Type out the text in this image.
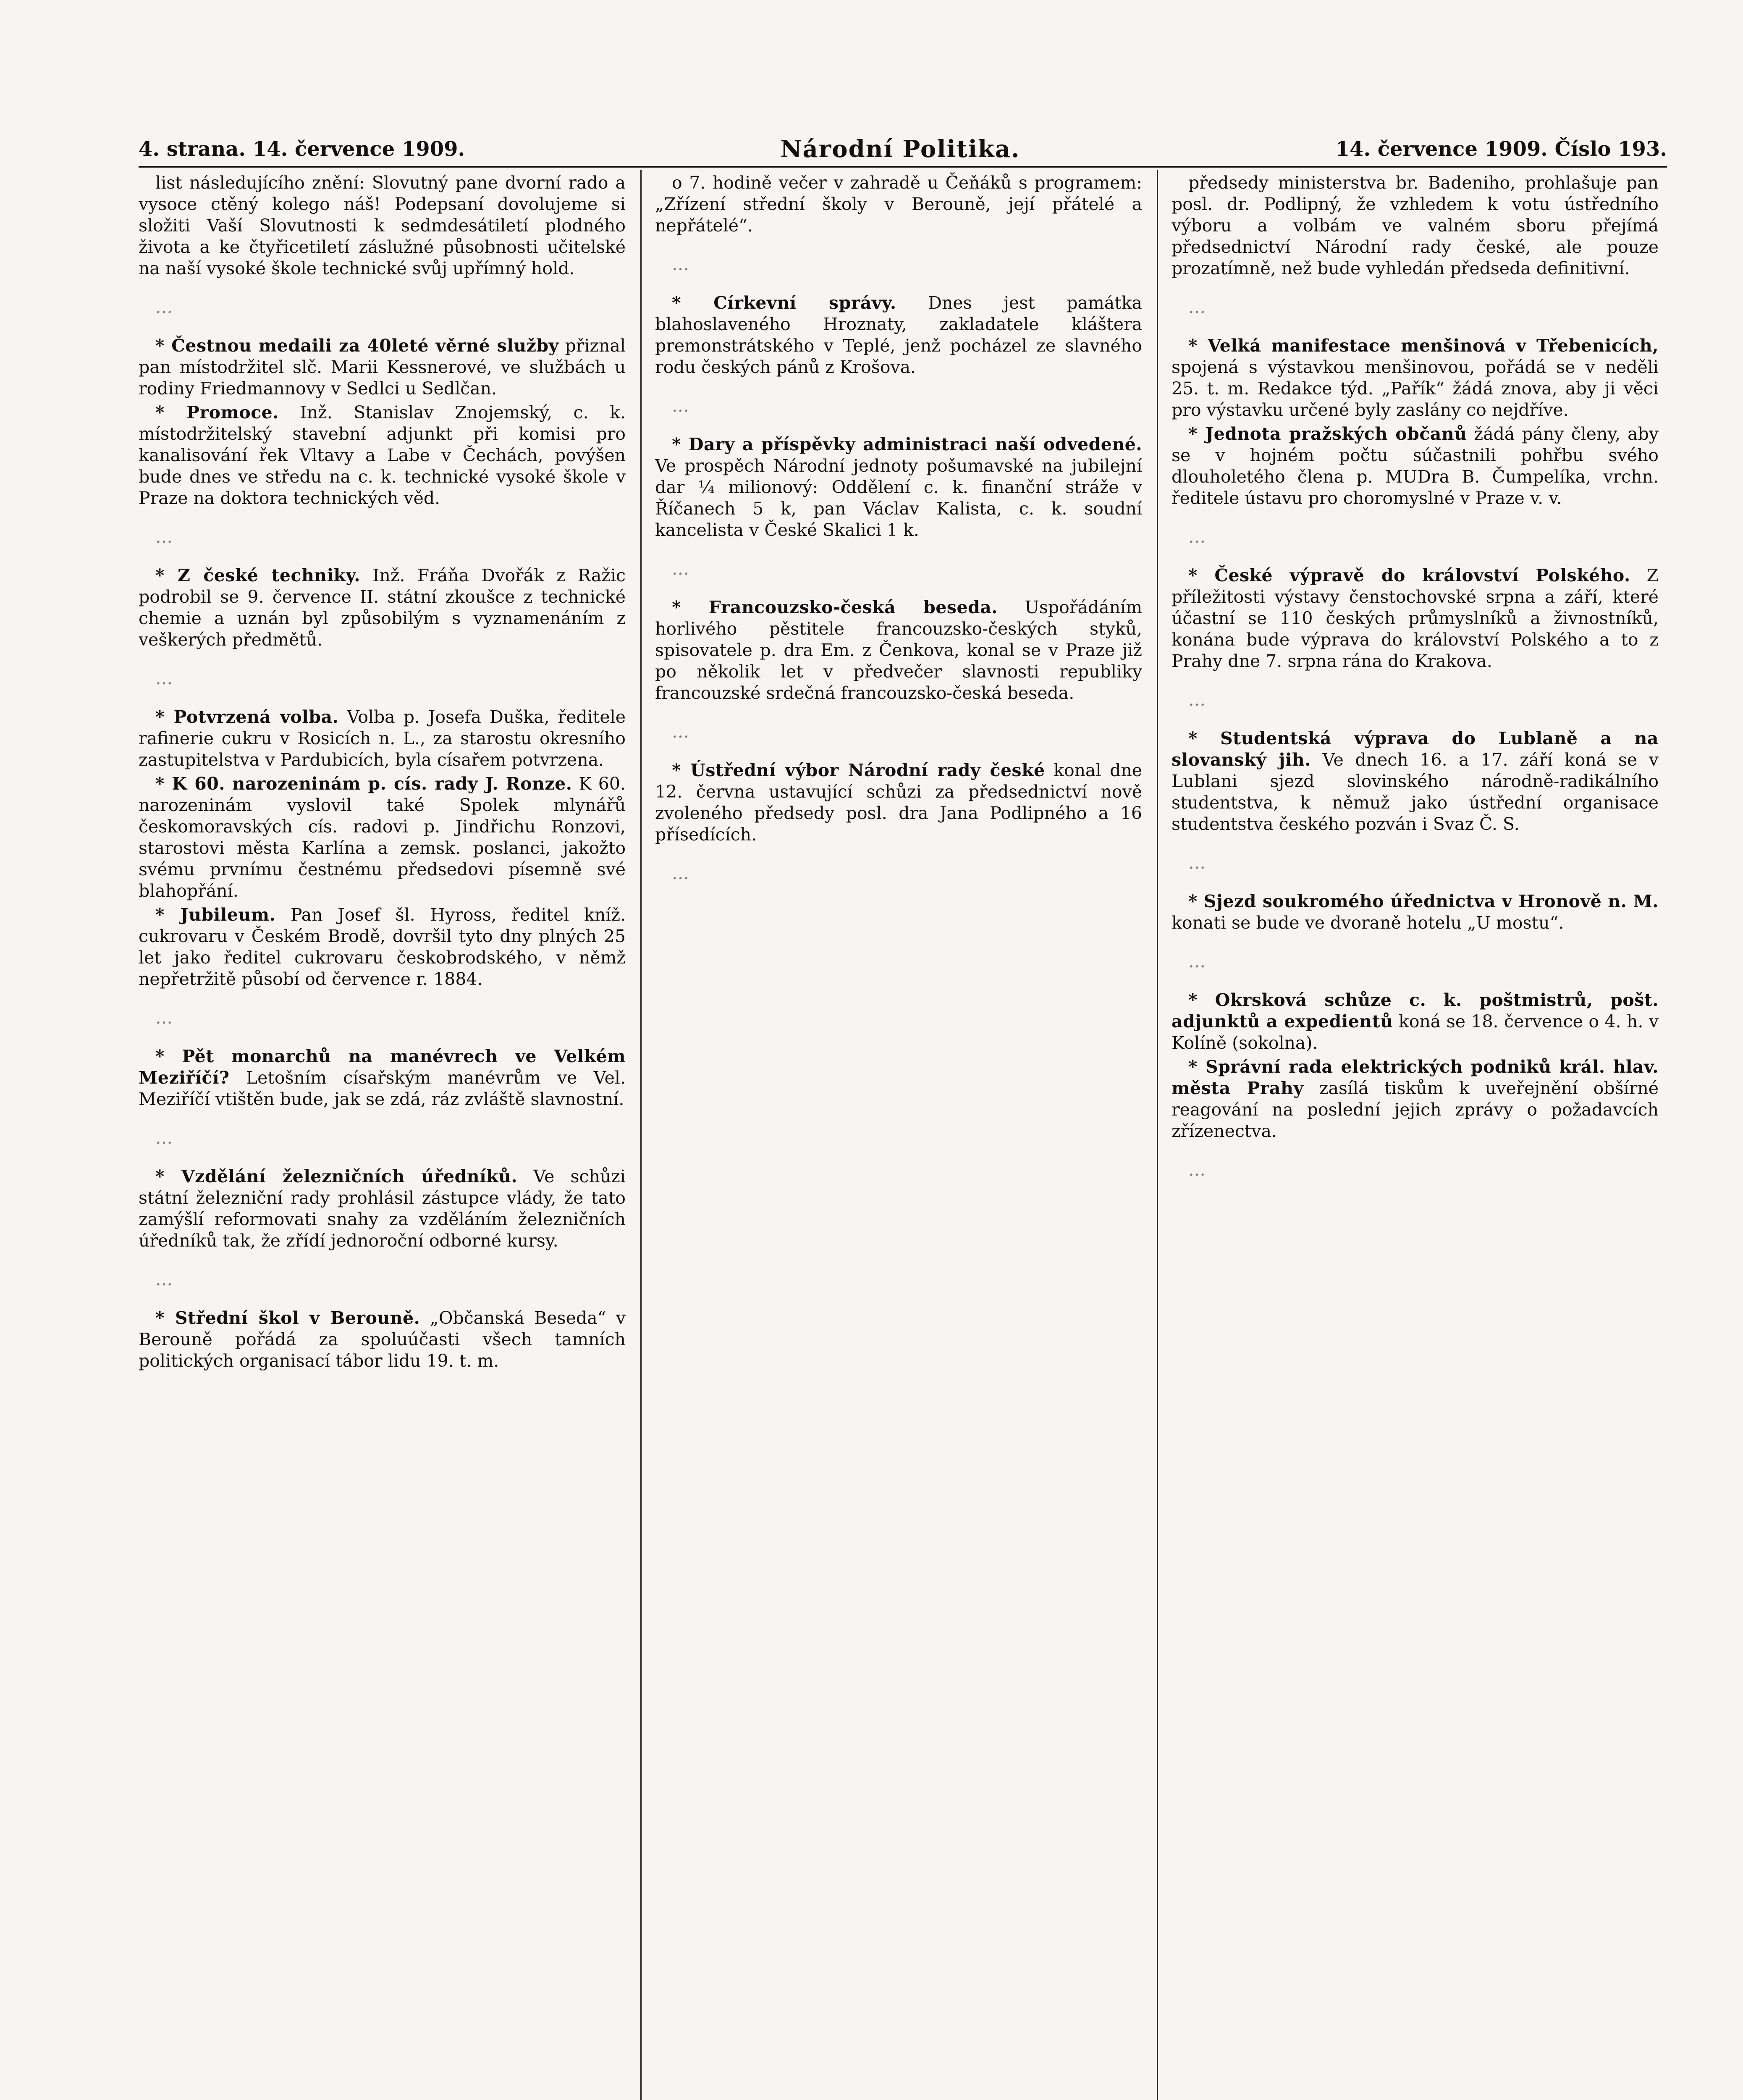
4. strana. 14. července 1909.	Národní Politika.	14. července 1909. Číslo 193.

list následujícího znění: Slovutný pane dvorní rado a vysoce ctěný kolego náš! Podepsaní dovolujeme si složiti Vaší Slovutnosti k sedmdesátiletí plodného života a ke čtyřicetiletí záslužné působnosti učitelské na naší vysoké škole technické svůj upřímný hold.

…

* Čestnou medaili za 40leté věrné služby přiznal pan místodržitel slč. Marii Kessnerové, ve službách u rodiny Friedmannovy v Sedlci u Sedlčan.

* Promoce. Inž. Stanislav Znojemský, c. k. místodržitelský stavební adjunkt při komisi pro kanalisování řek Vltavy a Labe v Čechách, povýšen bude dnes ve středu na c. k. technické vysoké škole v Praze na doktora technických věd.

…

* Z české techniky. Inž. Fráňa Dvořák z Ražic podrobil se 9. července II. státní zkoušce z technické chemie a uznán byl způsobilým s vyznamenáním z veškerých předmětů.

…

* Potvrzená volba. Volba p. Josefa Duška, ředitele rafinerie cukru v Rosicích n. L., za starostu okresního zastupitelstva v Pardubicích, byla císařem potvrzena.

* K 60. narozeninám p. cís. rady J. Ronze. K 60. narozeninám vyslovil také Spolek mlynářů českomoravských cís. radovi p. Jindřichu Ronzovi, starostovi města Karlína a zemsk. poslanci, jakožto svému prvnímu čestnému předsedovi písemně své blahopřání.

* Jubileum. Pan Josef šl. Hyross, ředitel kníž. cukrovaru v Českém Brodě, dovršil tyto dny plných 25 let jako ředitel cukrovaru českobrodského, v němž nepřetržitě působí od července r. 1884.

…

* Pět monarchů na manévrech ve Velkém Meziříčí? Letošním císařským manévrům ve Vel. Meziříčí vtištěn bude, jak se zdá, ráz zvláště slavnostní.

…

* Vzdělání železničních úředníků. Ve schůzi státní železniční rady prohlásil zástupce vlády, že tato zamýšlí reformovati snahy za vzděláním železničních úředníků tak, že zřídí jednoroční odborné kursy.

…

* Střední škol v Berouně. „Občanská Beseda“ v Berouně pořádá za spoluúčasti všech tamních politických organisací tábor lidu 19. t. m.

o 7. hodině večer v zahradě u Čeňáků s programem: „Zřízení střední školy v Berouně, její přátelé a nepřátelé“.

…

* Církevní správy. Dnes jest památka blahoslaveného Hroznaty, zakladatele kláštera premonstrátského v Teplé, jenž pocházel ze slavného rodu českých pánů z Krošova.

…

* Dary a příspěvky administraci naší odvedené. Ve prospěch Národní jednoty pošumavské na jubilejní dar ¼ milionový: Oddělení c. k. finanční stráže v Říčanech 5 k, pan Václav Kalista, c. k. soudní kancelista v České Skalici 1 k.

…

* Francouzsko-česká beseda. Uspořádáním horlivého pěstitele francouzsko-českých styků, spisovatele p. dra Em. z Čenkova, konal se v Praze již po několik let v předvečer slavnosti republiky francouzské srdečná francouzsko-česká beseda.

…

* Ústřední výbor Národní rady české konal dne 12. června ustavující schůzi za předsednictví nově zvoleného předsedy posl. dra Jana Podlipného a 16 přísedících.

…

předsedy ministerstva br. Badeniho, prohlašuje pan posl. dr. Podlipný, že vzhledem k votu ústředního výboru a volbám ve valném sboru přejímá předsednictví Národní rady české, ale pouze prozatímně, než bude vyhledán předseda definitivní.

…

* Velká manifestace menšinová v Třebenicích, spojená s výstavkou menšinovou, pořádá se v neděli 25. t. m. Redakce týd. „Pařík“ žádá znova, aby ji věci pro výstavku určené byly zaslány co nejdříve.

* Jednota pražských občanů žádá pány členy, aby se v hojném počtu súčastnili pohřbu svého dlouholetého člena p. MUDra B. Čumpelíka, vrchn. ředitele ústavu pro choromyslné v Praze v. v.

…

* České výpravě do království Polského. Z příležitosti výstavy čenstochovské srpna a září, které účastní se 110 českých průmyslníků a živnostníků, konána bude výprava do království Polského a to z Prahy dne 7. srpna rána do Krakova.

…

* Studentská výprava do Lublaně a na slovanský jih. Ve dnech 16. a 17. září koná se v Lublani sjezd slovinského národně-radikálního studentstva, k němuž jako ústřední organisace studentstva českého pozván i Svaz Č. S.

…

* Sjezd soukromého úřednictva v Hronově n. M. konati se bude ve dvoraně hotelu „U mostu“.

…

* Okrsková schůze c. k. poštmistrů, pošt. adjunktů a expedientů koná se 18. července o 4. h. v Kolíně (sokolna).

* Správní rada elektrických podniků král. hlav. města Prahy zasílá tiskům k uveřejnění obšírné reagování na poslední jejich zprávy o požadavcích zřízenectva.

…
